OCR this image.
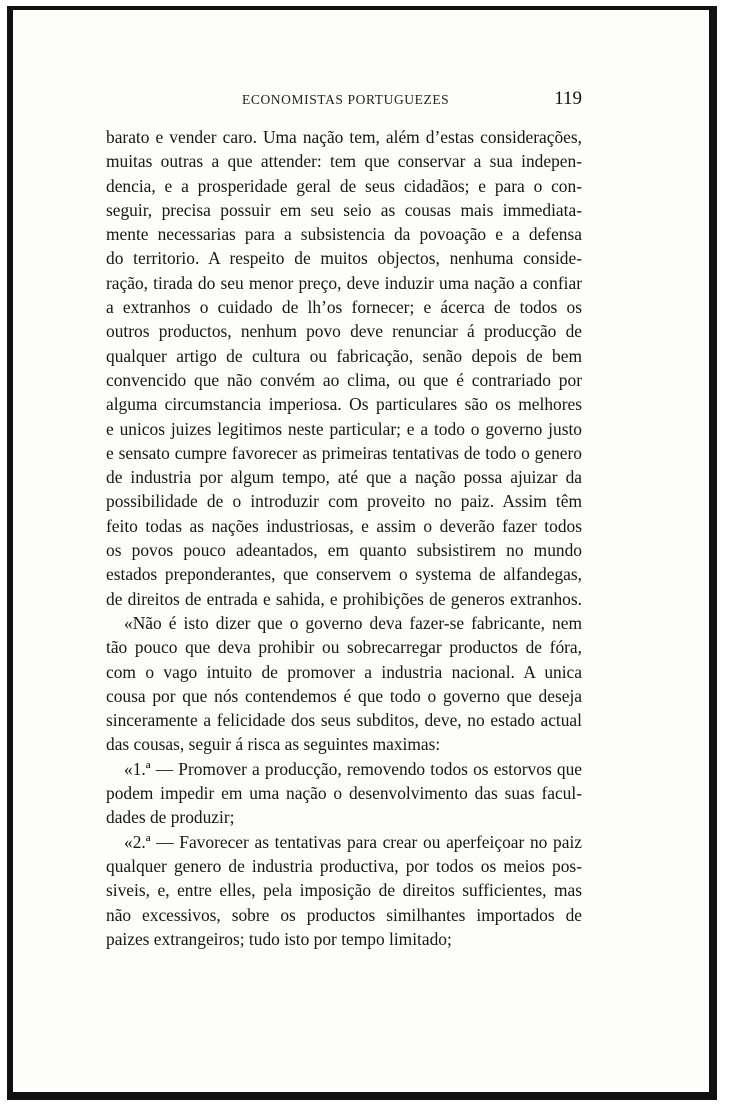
ECONOMISTAS PORTUGUEZES	119
barato e vender caro. Uma nação tem, além d’estas considerações,
muitas outras a que attender: tem que conservar a sua indepen-
dencia, e a prosperidade geral de seus cidadãos; e para o con-
seguir, precisa possuir em seu seio as cousas mais immediata-
mente necessarias para a subsistencia da povoação e a defensa
do territorio. A respeito de muitos objectos, nenhuma conside-
ração, tirada do seu menor preço, deve induzir uma nação a confiar
a extranhos o cuidado de lh’os fornecer; e ácerca de todos os
outros productos, nenhum povo deve renunciar á producção de
qualquer artigo de cultura ou fabricação, senão depois de bem
convencido que não convém ao clima, ou que é contrariado por
alguma circumstancia imperiosa. Os particulares são os melhores
e unicos juizes legitimos neste particular; e a todo o governo justo
e sensato cumpre favorecer as primeiras tentativas de todo o genero
de industria por algum tempo, até que a nação possa ajuizar da
possibilidade de o introduzir com proveito no paiz. Assim têm
feito todas as nações industriosas, e assim o deverão fazer todos
os povos pouco adeantados, em quanto subsistirem no mundo
estados preponderantes, que conservem o systema de alfandegas,
de direitos de entrada e sahida, e prohibições de generos extranhos.
«Não é isto dizer que o governo deva fazer-se fabricante, nem
tão pouco que deva prohibir ou sobrecarregar productos de fóra,
com o vago intuito de promover a industria nacional. A unica
cousa por que nós contendemos é que todo o governo que deseja
sinceramente a felicidade dos seus subditos, deve, no estado actual
das cousas, seguir á risca as seguintes maximas:
«1.ª — Promover a producção, removendo todos os estorvos que
podem impedir em uma nação o desenvolvimento das suas facul-
dades de produzir;
«2.ª — Favorecer as tentativas para crear ou aperfeiçoar no paiz
qualquer genero de industria productiva, por todos os meios pos-
siveis, e, entre elles, pela imposição de direitos sufficientes, mas
não excessivos, sobre os productos similhantes importados de
paizes extrangeiros; tudo isto por tempo limitado;
